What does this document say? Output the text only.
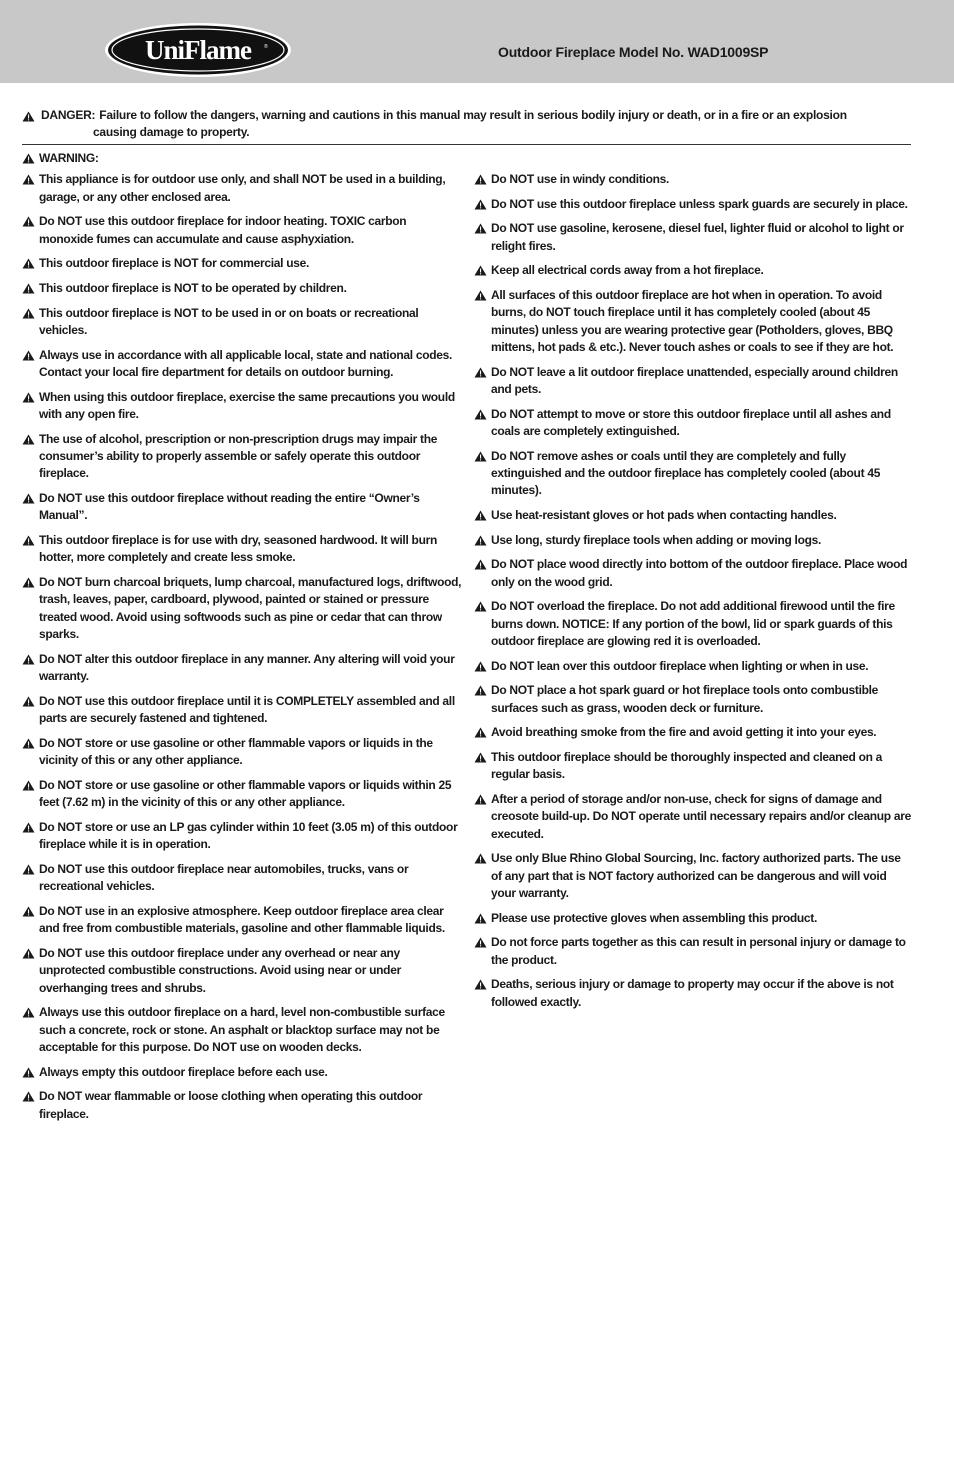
UniFlame	®	Outdoor Fireplace Model No. WAD1009SP
DANGER: Failure to follow the dangers, warning and cautions in this manual may result in serious bodily injury or death, or in a fire or an explosion
causing damage to property.
WARNING:
This appliance is for outdoor use only, and shall NOT be used in a building, garage, or any other enclosed area.
Do NOT use this outdoor fireplace for indoor heating. TOXIC carbon monoxide fumes can accumulate and cause asphyxiation.
This outdoor fireplace is NOT for commercial use.
This outdoor fireplace is NOT to be operated by children.
This outdoor fireplace is NOT to be used in or on boats or recreational vehicles.
Always use in accordance with all applicable local, state and national codes. Contact your local fire department for details on outdoor burning.
When using this outdoor fireplace, exercise the same precautions you would with any open fire.
The use of alcohol, prescription or non-prescription drugs may impair the consumer’s ability to properly assemble or safely operate this outdoor fireplace.
Do NOT use this outdoor fireplace without reading the entire “Owner’s Manual”.
This outdoor fireplace is for use with dry, seasoned hardwood. It will burn hotter, more completely and create less smoke.
Do NOT burn charcoal briquets, lump charcoal, manufactured logs, driftwood, trash, leaves, paper, cardboard, plywood, painted or stained or pressure treated wood. Avoid using softwoods such as pine or cedar that can throw sparks.
Do NOT alter this outdoor fireplace in any manner. Any altering will void your warranty.
Do NOT use this outdoor fireplace until it is COMPLETELY assembled and all parts are securely fastened and tightened.
Do NOT store or use gasoline or other flammable vapors or liquids in the vicinity of this or any other appliance.
Do NOT store or use gasoline or other flammable vapors or liquids within 25 feet (7.62 m) in the vicinity of this or any other appliance.
Do NOT store or use an LP gas cylinder within 10 feet (3.05 m) of this outdoor fireplace while it is in operation.
Do NOT use this outdoor fireplace near automobiles, trucks, vans or recreational vehicles.
Do NOT use in an explosive atmosphere. Keep outdoor fireplace area clear and free from combustible materials, gasoline and other flammable liquids.
Do NOT use this outdoor fireplace under any overhead or near any unprotected combustible constructions. Avoid using near or under overhanging trees and shrubs.
Always use this outdoor fireplace on a hard, level non-combustible surface such a concrete, rock or stone. An asphalt or blacktop surface may not be acceptable for this purpose. Do NOT use on wooden decks.
Always empty this outdoor fireplace before each use.
Do NOT wear flammable or loose clothing when operating this outdoor fireplace.
Do NOT use in windy conditions.
Do NOT use this outdoor fireplace unless spark guards are securely in place.
Do NOT use gasoline, kerosene, diesel fuel, lighter fluid or alcohol to light or relight fires.
Keep all electrical cords away from a hot fireplace.
All surfaces of this outdoor fireplace are hot when in operation. To avoid burns, do NOT touch fireplace until it has completely cooled (about 45 minutes) unless you are wearing protective gear (Potholders, gloves, BBQ mittens, hot pads & etc.). Never touch ashes or coals to see if they are hot.
Do NOT leave a lit outdoor fireplace unattended, especially around children and pets.
Do NOT attempt to move or store this outdoor fireplace until all ashes and coals are completely extinguished.
Do NOT remove ashes or coals until they are completely and fully extinguished and the outdoor fireplace has completely cooled (about 45 minutes).
Use heat-resistant gloves or hot pads when contacting handles.
Use long, sturdy fireplace tools when adding or moving logs.
Do NOT place wood directly into bottom of the outdoor fireplace. Place wood only on the wood grid.
Do NOT overload the fireplace. Do not add additional firewood until the fire burns down. NOTICE: If any portion of the bowl, lid or spark guards of this outdoor fireplace are glowing red it is overloaded.
Do NOT lean over this outdoor fireplace when lighting or when in use.
Do NOT place a hot spark guard or hot fireplace tools onto combustible surfaces such as grass, wooden deck or furniture.
Avoid breathing smoke from the fire and avoid getting it into your eyes.
This outdoor fireplace should be thoroughly inspected and cleaned on a regular basis.
After a period of storage and/or non-use, check for signs of damage and creosote build-up. Do NOT operate until necessary repairs and/or cleanup are executed.
Use only Blue Rhino Global Sourcing, Inc. factory authorized parts. The use of any part that is NOT factory authorized can be dangerous and will void your warranty.
Please use protective gloves when assembling this product.
Do not force parts together as this can result in personal injury or damage to the product.
Deaths, serious injury or damage to property may occur if the above is not followed exactly.
